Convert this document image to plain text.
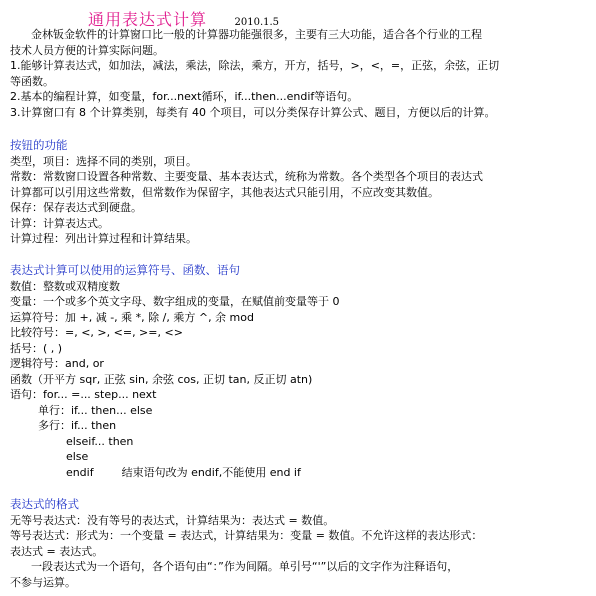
通用表达式计算	2010.1.5

金林钣金软件的计算窗口比一般的计算器功能强很多，主要有三大功能，适合各个行业的工程

技术人员方便的计算实际问题。

1.能够计算表达式，如加法，减法，乘法，除法，乘方，开方，括号，>，<，=，正弦，余弦，正切

等函数。

2.基本的编程计算，如变量，for...next循环，if...then...endif等语句。

3.计算窗口有 8 个计算类别，每类有 40 个项目，可以分类保存计算公式、题目，方便以后的计算。

按钮的功能

类型，项目：选择不同的类别，项目。

常数：常数窗口设置各种常数、主要变量、基本表达式，统称为常数。各个类型各个项目的表达式

计算都可以引用这些常数，但常数作为保留字，其他表达式只能引用，不应改变其数值。

保存：保存表达式到硬盘。

计算：计算表达式。

计算过程：列出计算过程和计算结果。

表达式计算可以使用的运算符号、函数、语句

数值：整数或双精度数

变量：一个或多个英文字母、数字组成的变量，在赋值前变量等于 0

运算符号：加 +, 减 -, 乘 *, 除 /, 乘方 ^, 余 mod

比较符号：=, <, >, <=, >=, <>

括号：( , )

逻辑符号：and, or

函数（开平方 sqr, 正弦 sin, 余弦 cos, 正切 tan, 反正切 atn)

语句：for... =... step... next

单行：if... then... else

多行：if... then

elseif... then

else

endif        结束语句改为 endif,不能使用 end if

表达式的格式

无等号表达式：没有等号的表达式，计算结果为：表达式 = 数值。

等号表达式：形式为：一个变量 = 表达式，计算结果为：变量 = 数值。不允许这样的表达形式：

表达式 = 表达式。

一段表达式为一个语句，各个语句由“：”作为间隔。单引号“'”以后的文字作为注释语句，

不参与运算。
